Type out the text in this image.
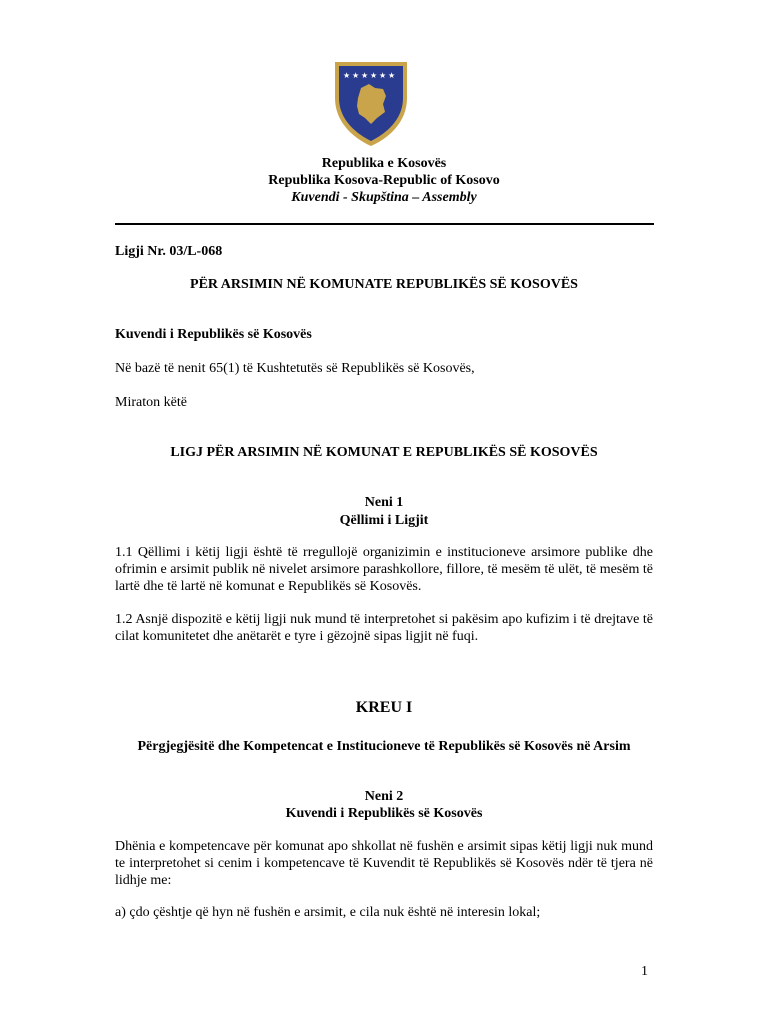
★ ★ ★ ★ ★ ★
Republika e Kosovës
Republika Kosova-Republic of Kosovo
Kuvendi - Skupština – Assembly
Ligji Nr. 03/L-068
PËR ARSIMIN NË KOMUNATE REPUBLIKËS SË KOSOVËS
Kuvendi i Republikës së Kosovës
Në bazë të nenit 65(1) të Kushtetutës së Republikës së Kosovës,
Miraton këtë
LIGJ PËR ARSIMIN NË KOMUNAT E REPUBLIKËS SË KOSOVËS
Neni 1
Qëllimi i Ligjit
1.1 Qëllimi i këtij ligji është të rregullojë organizimin e institucioneve arsimore publike dhe ofrimin e arsimit publik në nivelet arsimore parashkollore, fillore, të mesëm të ulët, të mesëm të lartë dhe të lartë në komunat e Republikës së Kosovës.
1.2 Asnjë dispozitë e këtij ligji nuk mund të interpretohet si pakësim apo kufizim i të drejtave të cilat komunitetet dhe anëtarët e tyre i gëzojnë sipas ligjit në fuqi.
KREU I
Përgjegjësitë dhe Kompetencat e Institucioneve të Republikës së Kosovës në Arsim
Neni 2
Kuvendi i Republikës së Kosovës
Dhënia e kompetencave për komunat apo shkollat në fushën e arsimit sipas këtij ligji nuk mund te interpretohet si cenim i kompetencave të Kuvendit të Republikës së Kosovës ndër të tjera në lidhje me:
a) çdo çështje që hyn në fushën e arsimit, e cila nuk është në interesin lokal;
1
